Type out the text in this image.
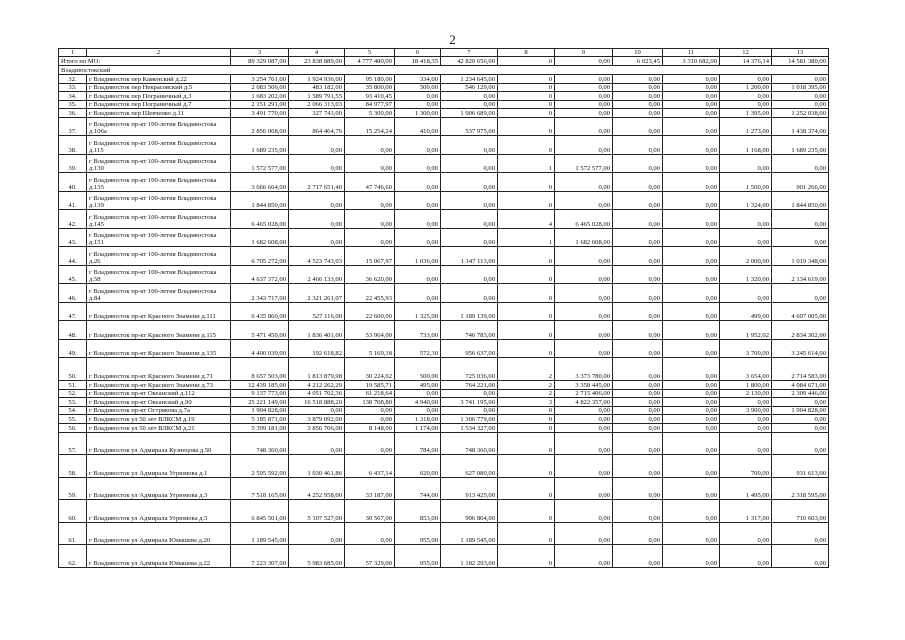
2
1	2	3	4	5	6	7	8	9	10	11	12	13
Итого по МО:		89 329 087,00	23 838 889,00	4 777 480,00	18 418,35	42 820 656,00	0	0,00	6 023,45	3 310 682,00	14 376,14	14 581 380,00
Владивостокский												
32.	г Владивосток пер Каменский д.22	3 254 761,00	1 924 936,00	95 180,00	334,00	1 234 645,00	0	0,00	0,00	0,00	0,00	0,00
33.	г Владивосток пер Некрасовский д.5	2 083 506,00	483 182,00	35 800,00	500,00	546 129,00	0	0,00	0,00	0,00	1 200,00	1 018 395,00
34.	г Владивосток пер Пограничный д.3	1 683 202,00	1 589 791,55	93 410,45	0,00	0,00	0	0,00	0,00	0,00	0,00	0,00
35.	г Владивосток пер Пограничный д.7	2 151 291,00	2 066 313,03	84 977,97	0,00	0,00	0	0,00	0,00	0,00	0,00	0,00
36.	г Владивосток пер Шевченко д.11	3 491 770,00	327 743,00	5 300,00	1 300,00	1 906 689,00	0	0,00	0,00	0,00	1 395,00	1 252 038,00
37.	г Владивосток пр-кт 100-летия Владивостока д.106а	2 856 068,00	864 464,76	15 254,24	410,00	537 975,00	0	0,00	0,00	0,00	1 273,00	1 438 374,00
38.	г Владивосток пр-кт 100-летия Владивостока д.115	1 689 235,00	0,00	0,00	0,00	0,00	0	0,00	0,00	0,00	1 168,00	1 689 235,00
39.	г Владивосток пр-кт 100-летия Владивостока д.130	1 572 577,00	0,00	0,00	0,00	0,00	1	1 572 577,00	0,00	0,00	0,00	0,00
40.	г Владивосток пр-кт 100-летия Владивостока д.135	3 666 664,00	2 717 651,40	47 746,60	0,00	0,00	0	0,00	0,00	0,00	1 500,00	901 266,00
41.	г Владивосток пр-кт 100-летия Владивостока д.139	1 844 850,00	0,00	0,00	0,00	0,00	0	0,00	0,00	0,00	1 324,00	1 844 850,00
42.	г Владивосток пр-кт 100-летия Владивостока д.145	6 465 028,00	0,00	0,00	0,00	0,00	4	6 465 028,00	0,00	0,00	0,00	0,00
43.	г Владивосток пр-кт 100-летия Владивостока д.151	1 682 608,00	0,00	0,00	0,00	0,00	1	1 682 608,00	0,00	0,00	0,00	0,00
44.	г Владивосток пр-кт 100-летия Владивостока д.26	6 705 272,00	4 523 743,03	15 067,97	1 036,00	1 147 113,00	0	0,00	0,00	0,00	2 000,00	1 019 348,00
45.	г Владивосток пр-кт 100-летия Владивостока д.58	4 637 372,00	2 466 133,00	36 620,00	0,00	0,00	0	0,00	0,00	0,00	1 320,00	2 134 619,00
46.	г Владивосток пр-кт 100-летия Владивостока д.84	2 343 717,00	2 321 261,07	22 455,93	0,00	0,00	0	0,00	0,00	0,00	0,00	0,00
47.	г Владивосток пр-кт Красного Знамени д.111	6 435 860,00	527 116,00	22 600,00	1 325,00	1 189 139,00	0	0,00	0,00	0,00	499,00	4 697 005,00
48.	г Владивосток пр-кт Красного Знамени д.115	5 471 450,00	1 836 401,00	53 964,00	733,00	746 783,00	0	0,00	0,00	0,00	1 952,02	2 834 302,00
49.	г Владивосток пр-кт Красного Знамени д.135	4 400 039,00	192 618,82	5 169,18	572,30	956 637,00	0	0,00	0,00	0,00	3 700,00	3 245 614,00
50.	г Владивосток пр-кт Красного Знамени д.71	8 657 503,00	1 813 879,98	30 224,02	500,00	725 036,00	2	3 373 780,00	0,00	0,00	3 654,00	2 714 583,00
51.	г Владивосток пр-кт Красного Знамени д.73	12 439 185,00	4 212 262,29	19 585,71	495,00	764 221,00	2	3 358 445,00	0,00	0,00	1 800,00	4 084 671,00
52.	г Владивосток пр-кт Океанский д.112	9 137 773,00	4 051 702,36	61 218,64	0,00	0,00	2	2 715 406,00	0,00	0,00	2 130,00	2 309 446,00
53.	г Владивосток пр-кт Океанский д.90	25 221 149,00	16 518 888,20	138 708,80	4 940,00	3 741 195,00	3	4 822 357,00	0,00	0,00	0,00	0,00
54.	г Владивосток пр-кт Острякова д.7а	1 904 828,00	0,00	0,00	0,00	0,00	0	0,00	0,00	0,00	3 900,00	1 904 828,00
55.	г Владивосток ул 50 лет ВЛКСМ д.19	5 185 871,00	3 879 092,00	0,00	1 318,00	1 306 779,00	0	0,00	0,00	0,00	0,00	0,00
56.	г Владивосток ул 50 лет ВЛКСМ д.21	5 399 181,00	3 856 706,00	8 148,00	1 174,00	1 534 327,00	0	0,00	0,00	0,00	0,00	0,00
57.	г Владивосток ул Адмирала Кузнецова д.50	748 360,00	0,00	0,00	784,00	748 360,00	0	0,00	0,00	0,00	0,00	0,00
58.	г Владивосток ул Адмирала Угрюмова д.1	2 595 592,00	1 030 461,86	6 437,14	620,00	627 080,00	0	0,00	0,00	0,00	700,00	931 613,00
59.	г Владивосток ул Адмирала Угрюмова д.3	7 518 165,00	4 252 958,00	33 187,00	744,00	913 425,00	0	0,00	0,00	0,00	1 495,00	2 318 595,00
60.	г Владивосток ул Адмирала Угрюмова д.5	6 845 501,00	5 107 527,00	30 567,00	853,00	996 804,00	0	0,00	0,00	0,00	1 317,00	710 603,00
61.	г Владивосток ул Адмирала Юмашева д.20	1 189 545,00	0,00	0,00	955,00	1 189 545,00	0	0,00	0,00	0,00	0,00	0,00
62.	г Владивосток ул Адмирала Юмашева д.22	7 223 307,00	5 983 685,00	57 329,00	955,00	1 182 293,00	0	0,00	0,00	0,00	0,00	0,00
